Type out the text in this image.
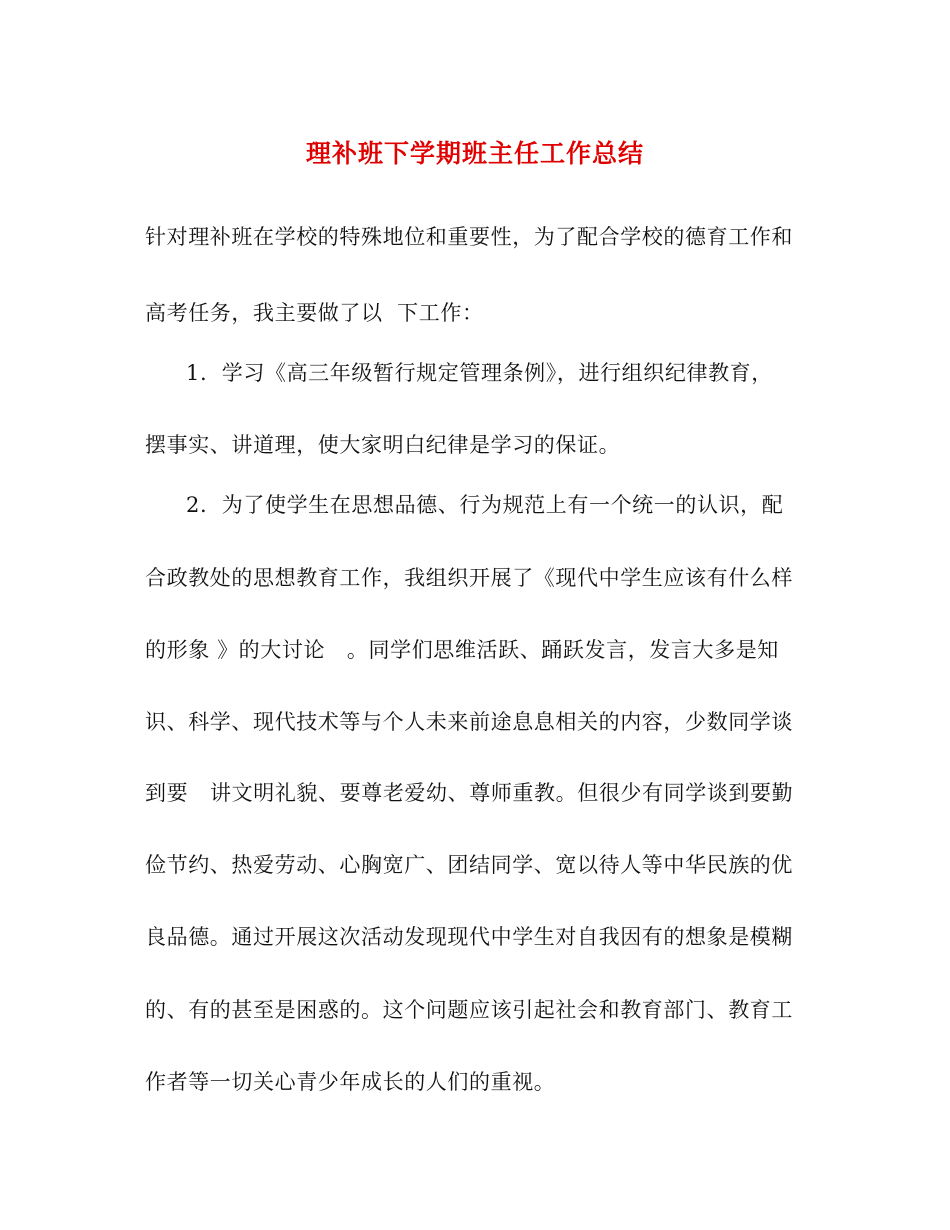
理补班下学期班主任工作总结
针对理补班在学校的特殊地位和重要性，为了配合学校的德育工作和
高考任务，我主要做了以  下工作：
1.  学习《高三年级暂行规定管理条例》，进行组织纪律教育，
摆事实、讲道理，使大家明白纪律是学习的保证。
2.  为了使学生在思想品德、行为规范上有一个统一的认识，配
合政教处的思想教育工作，我组织开展了《现代中学生应该有什么样
的形象 》的大讨论   。同学们思维活跃、踊跃发言，发言大多是知
识、科学、现代技术等与个人未来前途息息相关的内容，少数同学谈
到要   讲文明礼貌、要尊老爱幼、尊师重教。但很少有同学谈到要勤
俭节约、热爱劳动、心胸宽广、团结同学、宽以待人等中华民族的优
良品德。通过开展这次活动发现现代中学生对自我因有的想象是模糊
的、有的甚至是困惑的。这个问题应该引起社会和教育部门、教育工
作者等一切关心青少年成长的人们的重视。
